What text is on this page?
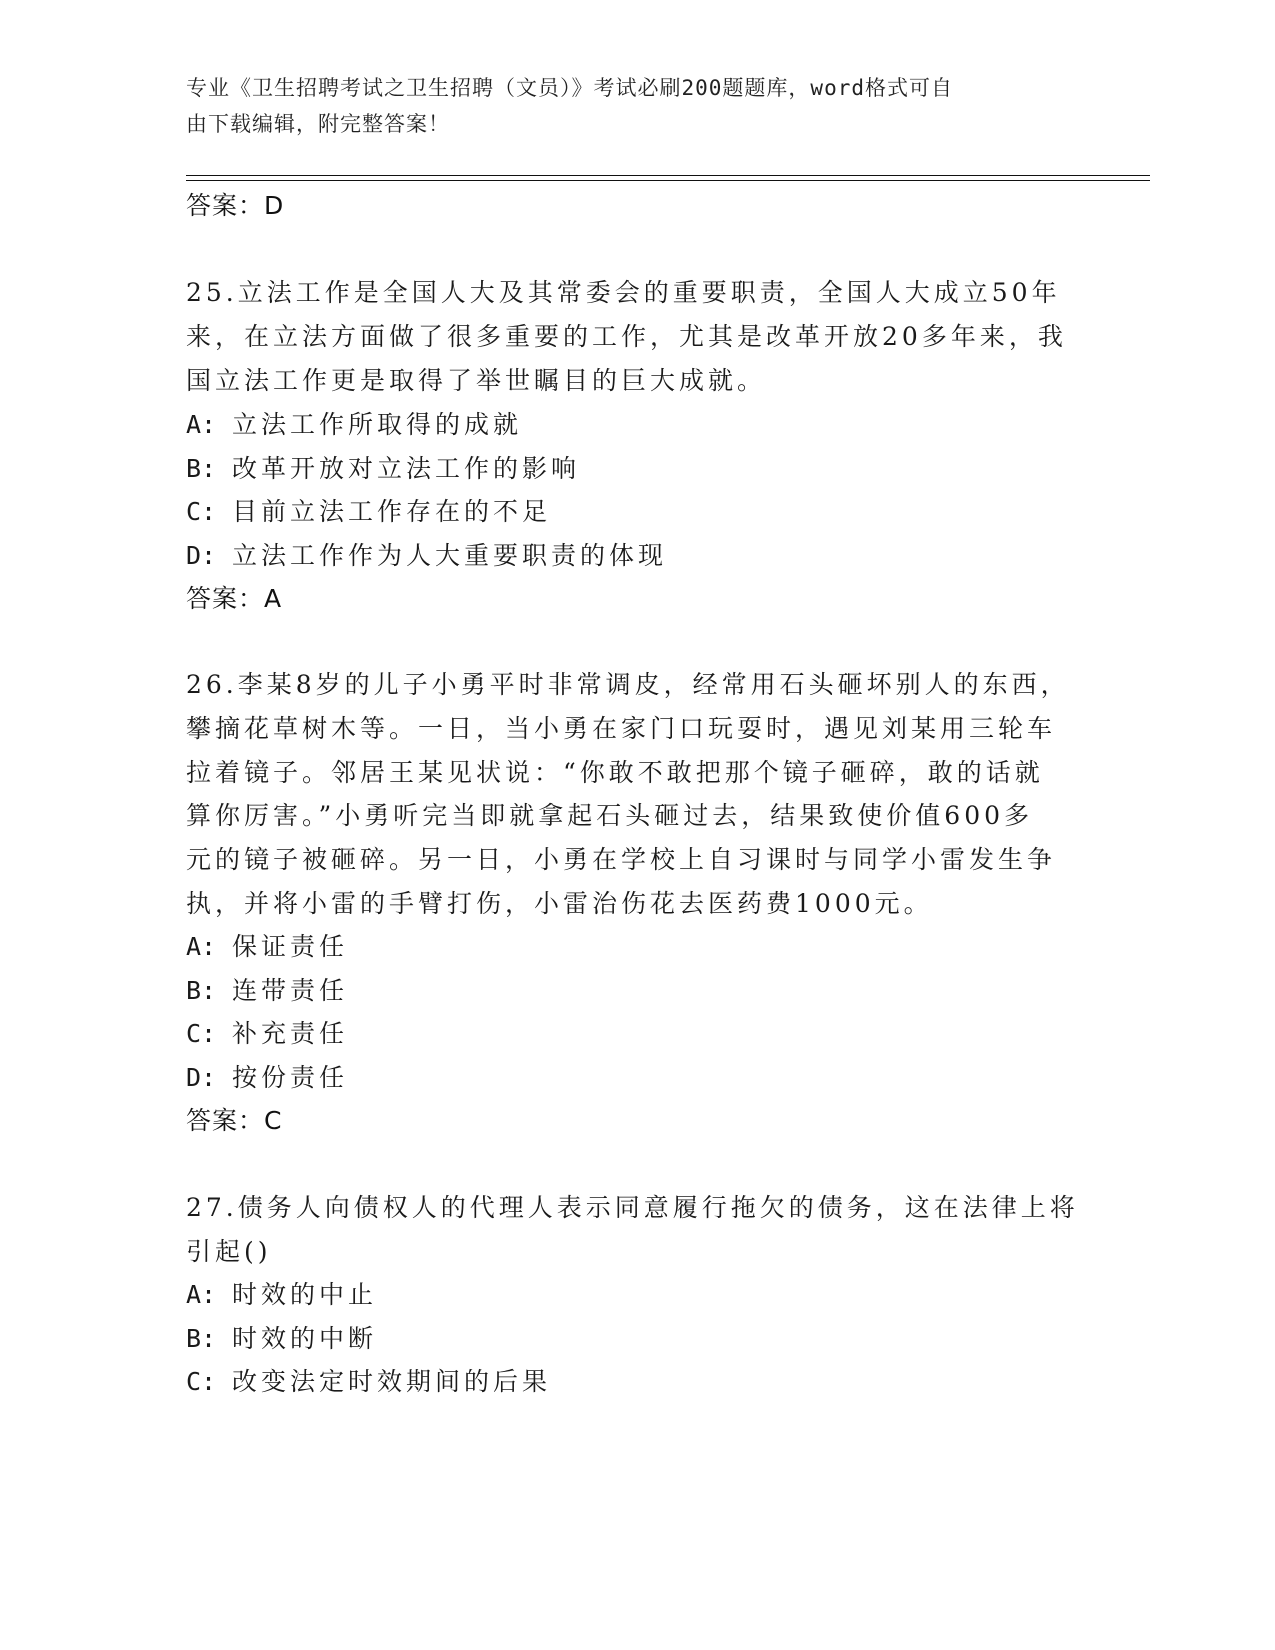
专业《卫生招聘考试之卫生招聘（文员）》考试必刷200题题库，word格式可自
由下载编辑，附完整答案！
答案：D
25.立法工作是全国人大及其常委会的重要职责，全国人大成立50年
来，在立法方面做了很多重要的工作，尤其是改革开放20多年来，我
国立法工作更是取得了举世瞩目的巨大成就。
A: 立法工作所取得的成就
B: 改革开放对立法工作的影响
C: 目前立法工作存在的不足
D: 立法工作作为人大重要职责的体现
答案：A
26.李某8岁的儿子小勇平时非常调皮，经常用石头砸坏别人的东西，
攀摘花草树木等。一日，当小勇在家门口玩耍时，遇见刘某用三轮车
拉着镜子。邻居王某见状说：“你敢不敢把那个镜子砸碎，敢的话就
算你厉害。”小勇听完当即就拿起石头砸过去，结果致使价值600多
元的镜子被砸碎。另一日，小勇在学校上自习课时与同学小雷发生争
执，并将小雷的手臂打伤，小雷治伤花去医药费1000元。
A: 保证责任
B: 连带责任
C: 补充责任
D: 按份责任
答案：C
27.债务人向债权人的代理人表示同意履行拖欠的债务，这在法律上将
引起()
A: 时效的中止
B: 时效的中断
C: 改变法定时效期间的后果
